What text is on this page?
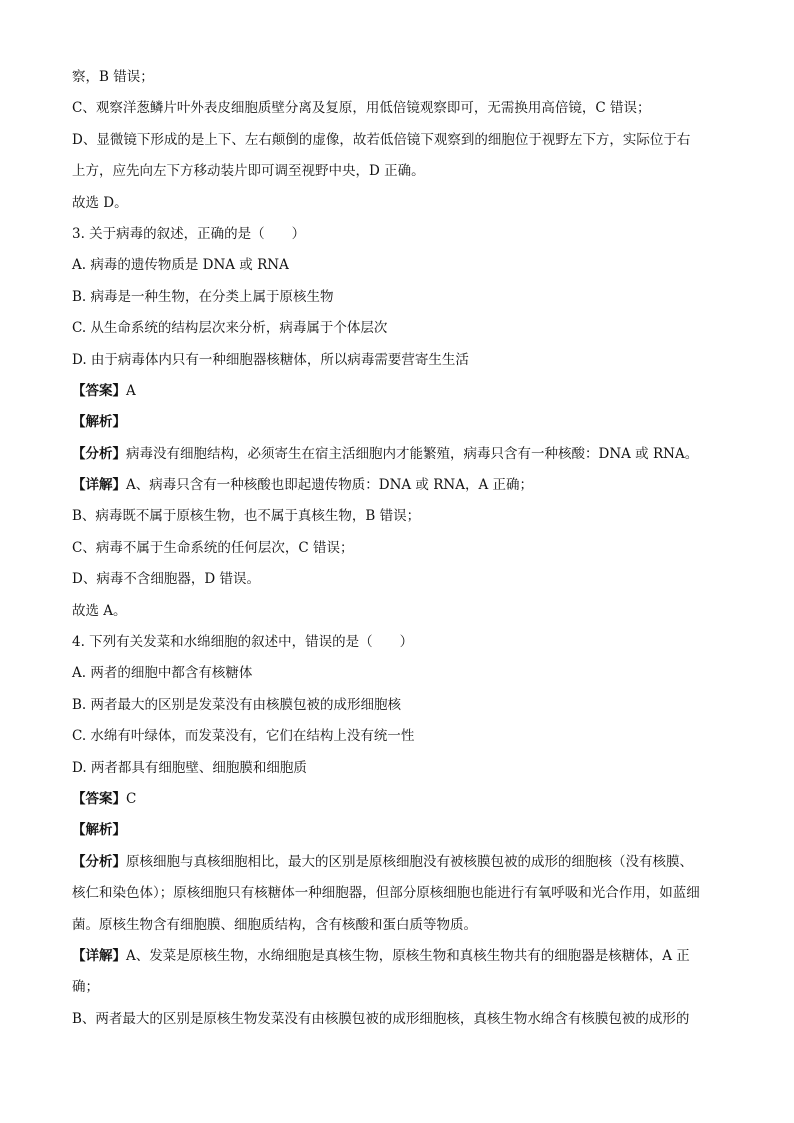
察，B 错误；
C、观察洋葱鳞片叶外表皮细胞质壁分离及复原，用低倍镜观察即可，无需换用高倍镜，C 错误；
D、显微镜下形成的是上下、左右颠倒的虚像，故若低倍镜下观察到的细胞位于视野左下方，实际位于右
上方，应先向左下方移动装片即可调至视野中央，D 正确。
故选 D。
3. 关于病毒的叙述，正确的是（　　）
A. 病毒的遗传物质是 DNA 或 RNA
B. 病毒是一种生物，在分类上属于原核生物
C. 从生命系统的结构层次来分析，病毒属于个体层次
D. 由于病毒体内只有一种细胞器核糖体，所以病毒需要营寄生生活
【答案】A
【解析】
【分析】病毒没有细胞结构，必须寄生在宿主活细胞内才能繁殖，病毒只含有一种核酸：DNA 或 RNA。
【详解】A、病毒只含有一种核酸也即起遗传物质：DNA 或 RNA，A 正确；
B、病毒既不属于原核生物，也不属于真核生物，B 错误；
C、病毒不属于生命系统的任何层次，C 错误；
D、病毒不含细胞器，D 错误。
故选 A。
4. 下列有关发菜和水绵细胞的叙述中，错误的是（　　）
A. 两者的细胞中都含有核糖体
B. 两者最大的区别是发菜没有由核膜包被的成形细胞核
C. 水绵有叶绿体，而发菜没有，它们在结构上没有统一性
D. 两者都具有细胞壁、细胞膜和细胞质
【答案】C
【解析】
【分析】原核细胞与真核细胞相比，最大的区别是原核细胞没有被核膜包被的成形的细胞核（没有核膜、
核仁和染色体）；原核细胞只有核糖体一种细胞器，但部分原核细胞也能进行有氧呼吸和光合作用，如蓝细
菌。原核生物含有细胞膜、细胞质结构，含有核酸和蛋白质等物质。
【详解】A、发菜是原核生物，水绵细胞是真核生物，原核生物和真核生物共有的细胞器是核糖体，A 正
确；
B、两者最大的区别是原核生物发菜没有由核膜包被的成形细胞核，真核生物水绵含有核膜包被的成形的
